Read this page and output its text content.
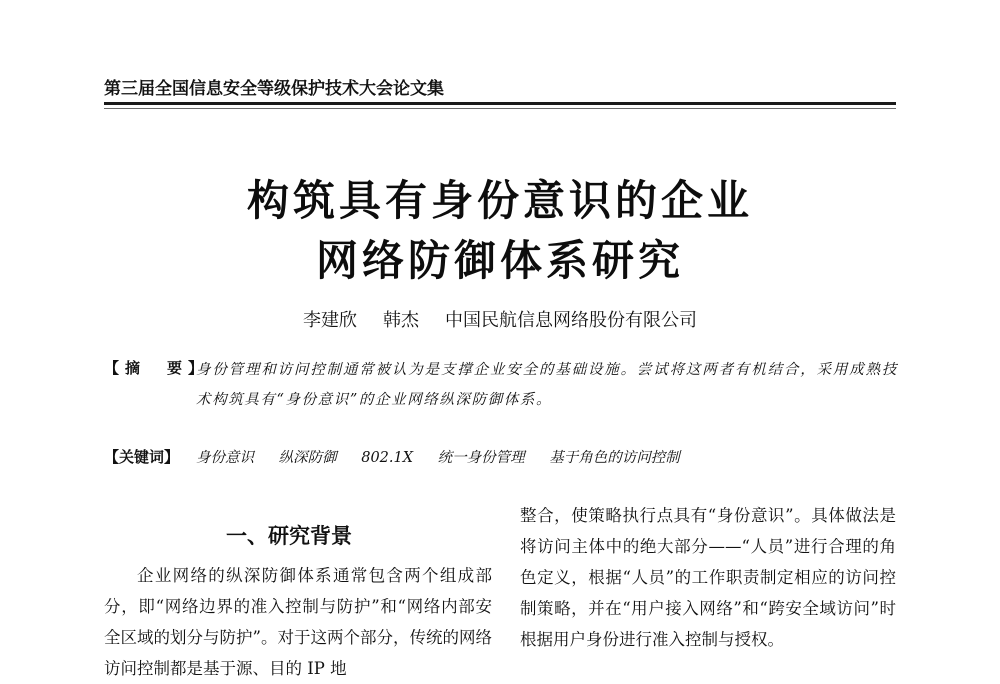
第三届全国信息安全等级保护技术大会论文集
构筑具有身份意识的企业
网络防御体系研究
李建欣 韩杰 中国民航信息网络股份有限公司
【摘　要】
身份管理和访问控制通常被认为是支撑企业安全的基础设施。尝试将这两者有机结合，采用成熟技术构筑具有“身份意识”的企业网络纵深防御体系。
【关键词】 身份意识 纵深防御 802.1X 统一身份管理 基于角色的访问控制
一、研究背景
企业网络的纵深防御体系通常包含两个组成部分，即“网络边界的准入控制与防护”和“网络内部安全区域的划分与防护”。对于这两个部分，传统的网络访问控制都是基于源、目的 IP 地
整合，使策略执行点具有“身份意识”。具体做法是将访问主体中的绝大部分——“人员”进行合理的角色定义，根据“人员”的工作职责制定相应的访问控制策略，并在“用户接入网络”和“跨安全域访问”时根据用户身份进行准入控制与授权。
